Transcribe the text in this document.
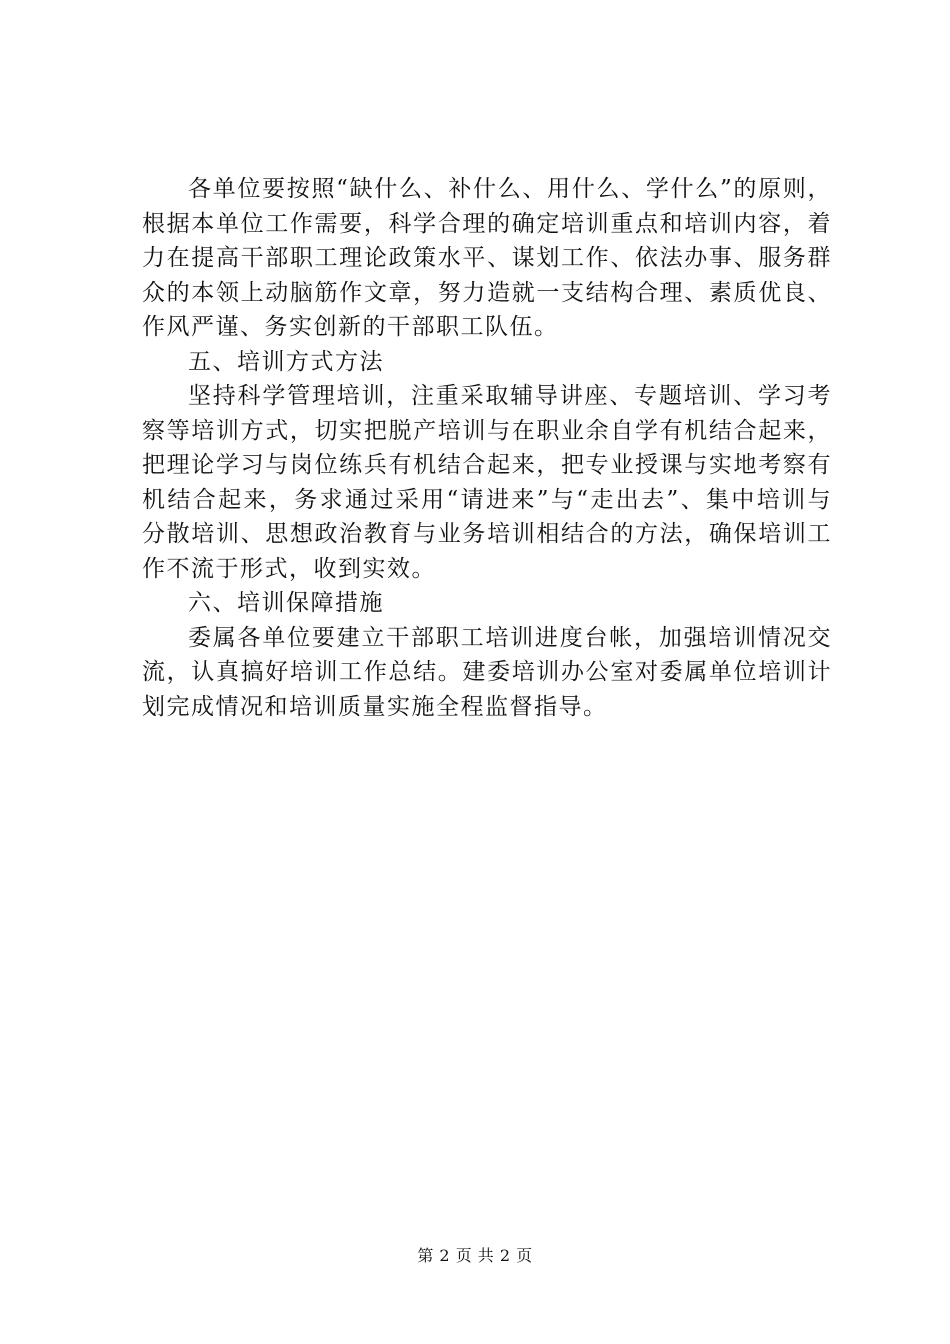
各单位要按照“缺什么、补什么、用什么、学什么”的原则，根据本单位工作需要，科学合理的确定培训重点和培训内容，着力在提高干部职工理论政策水平、谋划工作、依法办事、服务群众的本领上动脑筋作文章，努力造就一支结构合理、素质优良、作风严谨、务实创新的干部职工队伍。

五、培训方式方法

坚持科学管理培训，注重采取辅导讲座、专题培训、学习考察等培训方式，切实把脱产培训与在职业余自学有机结合起来，把理论学习与岗位练兵有机结合起来，把专业授课与实地考察有机结合起来，务求通过采用“请进来”与“走出去”、集中培训与分散培训、思想政治教育与业务培训相结合的方法，确保培训工作不流于形式，收到实效。

六、培训保障措施

委属各单位要建立干部职工培训进度台帐，加强培训情况交流，认真搞好培训工作总结。建委培训办公室对委属单位培训计划完成情况和培训质量实施全程监督指导。

第 2 页 共 2 页
